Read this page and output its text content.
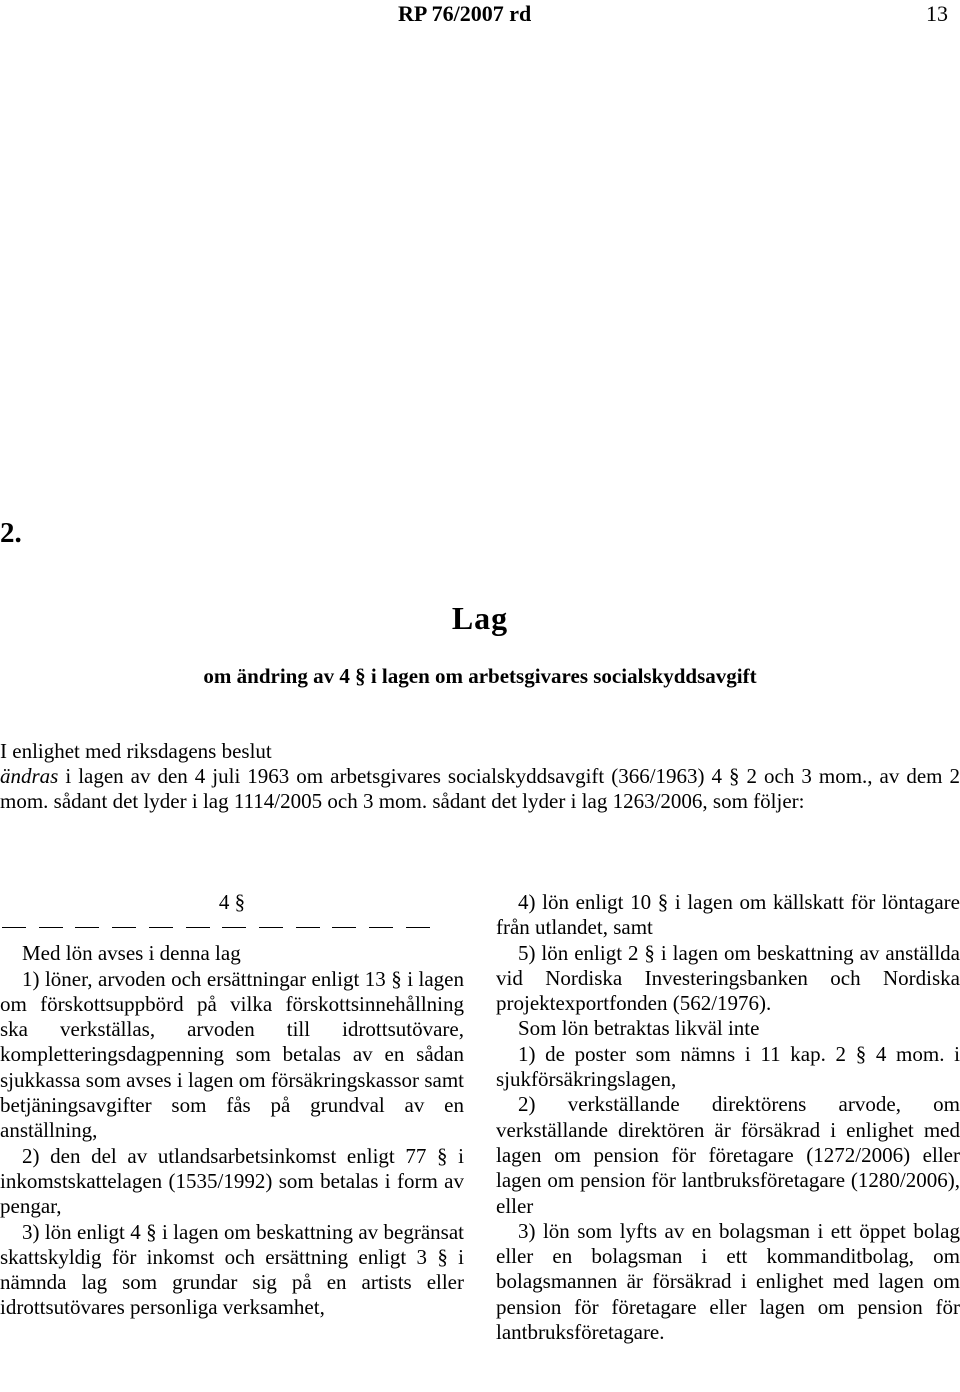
RP 76/2007 rd	13
2.
Lag
om ändring av 4 § i lagen om arbetsgivares socialskyddsavgift

I enlighet med riksdagens beslut

ändras i lagen av den 4 juli 1963 om arbetsgivares socialskyddsavgift (366/1963) 4 § 2 och 3 mom., av dem 2 mom. sådant det lyder i lag 1114/2005 och 3 mom. sådant det lyder i lag 1263/2006, som följer:

4 §

Med lön avses i denna lag

1) löner, arvoden och ersättningar enligt 13 § i lagen om förskottsuppbörd på vilka förskottsinnehållning ska verkställas, arvoden till idrottsutövare, kompletteringsdagpenning som betalas av en sådan sjukkassa som avses i lagen om försäkringskassor samt betjäningsavgifter som fås på grundval av en anställning,

2) den del av utlandsarbetsinkomst enligt 77 § i inkomstskattelagen (1535/1992) som betalas i form av pengar,

3) lön enligt 4 § i lagen om beskattning av begränsat skattskyldig för inkomst och ersättning enligt 3 § i nämnda lag som grundar sig på en artists eller idrottsutövares personliga verksamhet,

4) lön enligt 10 § i lagen om källskatt för löntagare från utlandet, samt

5) lön enligt 2 § i lagen om beskattning av anställda vid Nordiska Investeringsbanken och Nordiska projektexportfonden (562/1976).

Som lön betraktas likväl inte

1) de poster som nämns i 11 kap. 2 § 4 mom. i sjukförsäkringslagen,

2) verkställande direktörens arvode, om verkställande direktören är försäkrad i enlighet med lagen om pension för företagare (1272/2006) eller lagen om pension för lantbruksföretagare (1280/2006), eller

3) lön som lyfts av en bolagsman i ett öppet bolag eller en bolagsman i ett kommanditbolag, om bolagsmannen är försäkrad i enlighet med lagen om pension för företagare eller lagen om pension för lantbruksföretagare.
